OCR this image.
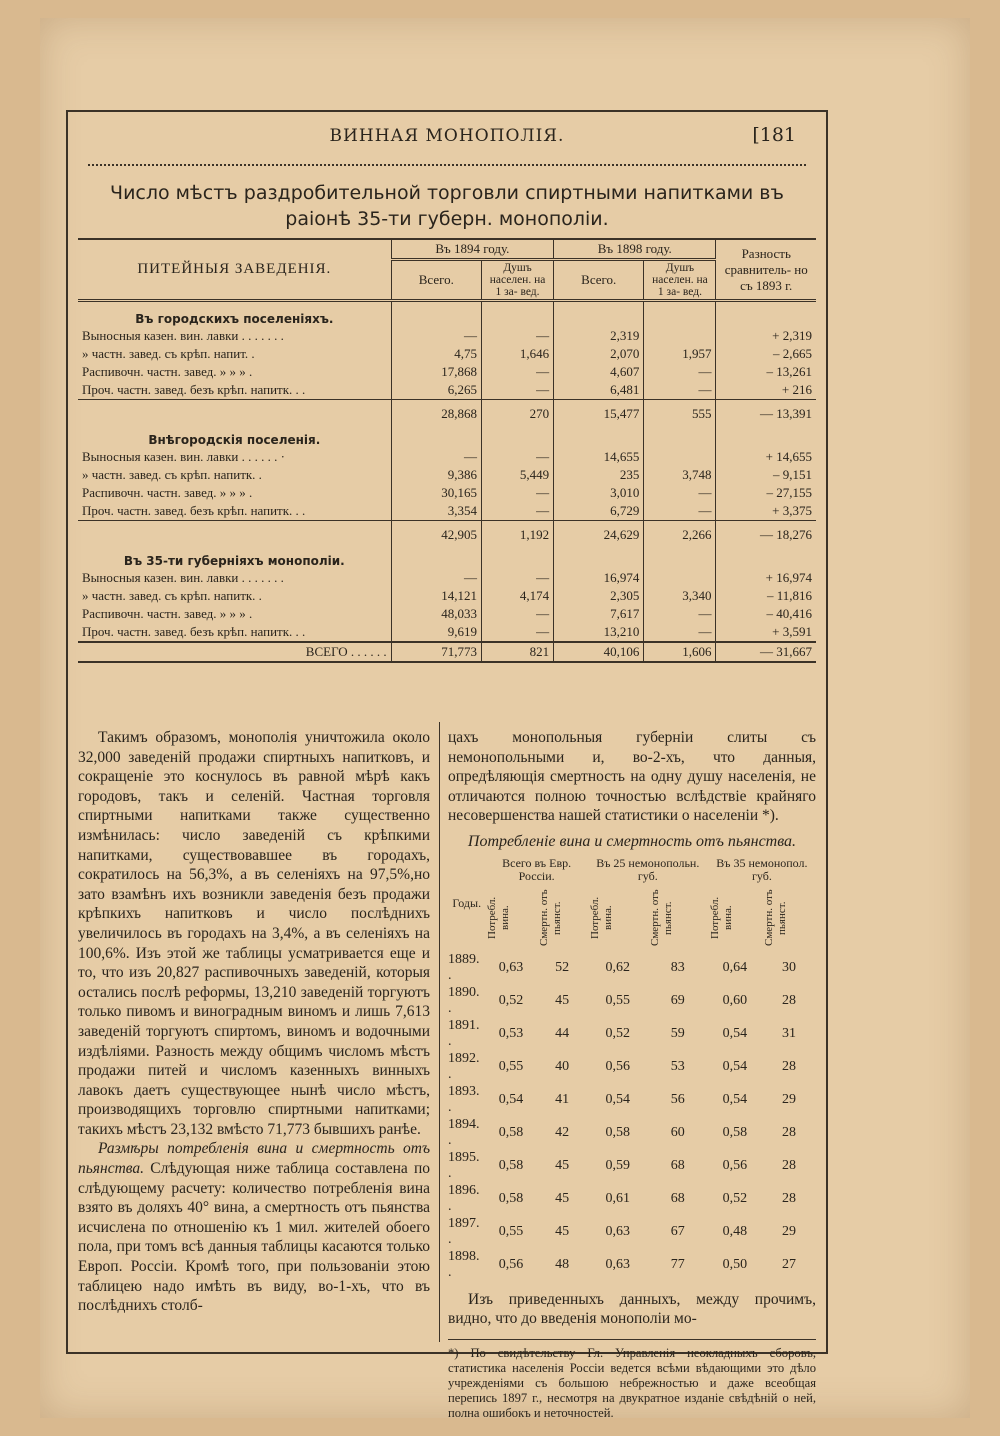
ВИННАЯ МОНОПОЛІЯ.	[181
Число мѣстъ раздробительной торговли спиртными напитками въ раіонѣ 35-ти губерн. монополіи.
ПИТЕЙНЫЯ ЗАВЕДЕНІЯ.	Въ 1894 году.		Въ 1898 году.		Разность сравнитель- но съ 1893 г.
	Всего.	Душъ населен. на 1 за- вед.	Всего.	Душъ населен. на 1 за- вед.	
Въ городскихъ поселеніяхъ.					
Выносныя казен. вин. лавки . . . . . . .	—	—	2,319		+ 2,319
» частн. завед. съ крѣп. напит. .	4,75	1,646	2,070	1,957	– 2,665
Распивочн. частн. завед. » » » .	17,868	—	4,607	—	– 13,261
Проч. частн. завед. безъ крѣп. напитк. . .	6,265	—	6,481	—	+ 216
	28,868	270	15,477	555	— 13,391
Внѣгородскія поселенія.					
Выносныя казен. вин. лавки . . . . . . ·	—	—	14,655		+ 14,655
» частн. завед. съ крѣп. напитк. .	9,386	5,449	235	3,748	– 9,151
Распивочн. частн. завед. » » » .	30,165	—	3,010	—	– 27,155
Проч. частн. завед. безъ крѣп. напитк. . .	3,354	—	6,729	—	+ 3,375
	42,905	1,192	24,629	2,266	— 18,276
Въ 35-ти губерніяхъ монополіи.					
Выносныя казен. вин. лавки . . . . . . .	—	—	16,974		+ 16,974
» частн. завед. съ крѣп. напитк. .	14,121	4,174	2,305	3,340	– 11,816
Распивочн. частн. завед. » » » .	48,033	—	7,617	—	– 40,416
Проч. частн. завед. безъ крѣп. напитк. . .	9,619	—	13,210	—	+ 3,591
ВСЕГО . . . . . .	71,773	821	40,106	1,606	— 31,667
Такимъ образомъ, монополія уничтожила около 32,000 заведеній продажи спиртныхъ напитковъ, и сокращеніе это коснулось въ равной мѣрѣ какъ городовъ, такъ и селеній. Частная торговля спиртными напитками также существенно измѣнилась: число заведеній съ крѣпкими напитками, существовавшее въ городахъ, сократилось на 56,3%, а въ селеніяхъ на 97,5%,но зато взамѣнъ ихъ возникли заведенія безъ продажи крѣпкихъ напитковъ и число послѣднихъ увеличилось въ городахъ на 3,4%, а въ селеніяхъ на 100,6%. Изъ этой же таблицы усматривается еще и то, что изъ 20,827 распивочныхъ заведеній, которыя остались послѣ реформы, 13,210 заведеній торгуютъ только пивомъ и виноградным виномъ и лишь 7,613 заведеній торгуютъ спиртомъ, виномъ и водочными издѣліями. Разность между общимъ числомъ мѣстъ продажи питей и числомъ казенныхъ винныхъ лавокъ даетъ существующее нынѣ число мѣстъ, производящихъ торговлю спиртными напитками; такихъ мѣстъ 23,132 вмѣсто 71,773 бывшихъ ранѣе.
Размѣры потребленія вина и смертность отъ пьянства. Слѣдующая ниже таблица составлена по слѣдующему расчету: количество потребленія вина взято въ доляхъ 40° вина, а смертность отъ пьянства исчислена по отношенію къ 1 мил. жителей обоего пола, при томъ всѣ данныя таблицы касаются только Европ. Россіи. Кромѣ того, при пользованіи этою таблицею надо имѣть въ виду, во-1-хъ, что въ послѣднихъ столб-
цахъ монопольныя губерніи слиты съ немонопольными и, во-2-хъ, что данныя, опредѣляющія смертность на одну душу населенія, не отличаются полною точностью вслѣдствіе крайняго несовершенства нашей статистики о населеніи *).
Потребленіе вина и смертность отъ пьянства.
Годы.	Всего въ Евр. Россіи.		Въ 25 немонопольн. губ.		Въ 35 немонопол. губ.	

	Потребл. вина.	Смертн. отъ пьянст.	Потребл. вина.	Смертн. отъ пьянст.	Потребл. вина.	Смертн. отъ пьянст.

1889. .	0,63	52	0,62	83	0,64	30
1890. .	0,52	45	0,55	69	0,60	28
1891. .	0,53	44	0,52	59	0,54	31
1892. .	0,55	40	0,56	53	0,54	28
1893. .	0,54	41	0,54	56	0,54	29
1894. .	0,58	42	0,58	60	0,58	28
1895. .	0,58	45	0,59	68	0,56	28
1896. .	0,58	45	0,61	68	0,52	28
1897. .	0,55	45	0,63	67	0,48	29
1898. .	0,56	48	0,63	77	0,50	27
Изъ приведенныхъ данныхъ, между прочимъ, видно, что до введенія монополіи мо-
*) По свидѣтельству Гл. Управленія неокладныхъ сборовъ, статистика населенія Россіи ведется всѣми вѣдающими это дѣло учрежденіями съ большою небрежностью и даже всеобщая перепись 1897 г., несмотря на двукратное изданіе свѣдѣній о ней, полна ошибокъ и неточностей.
